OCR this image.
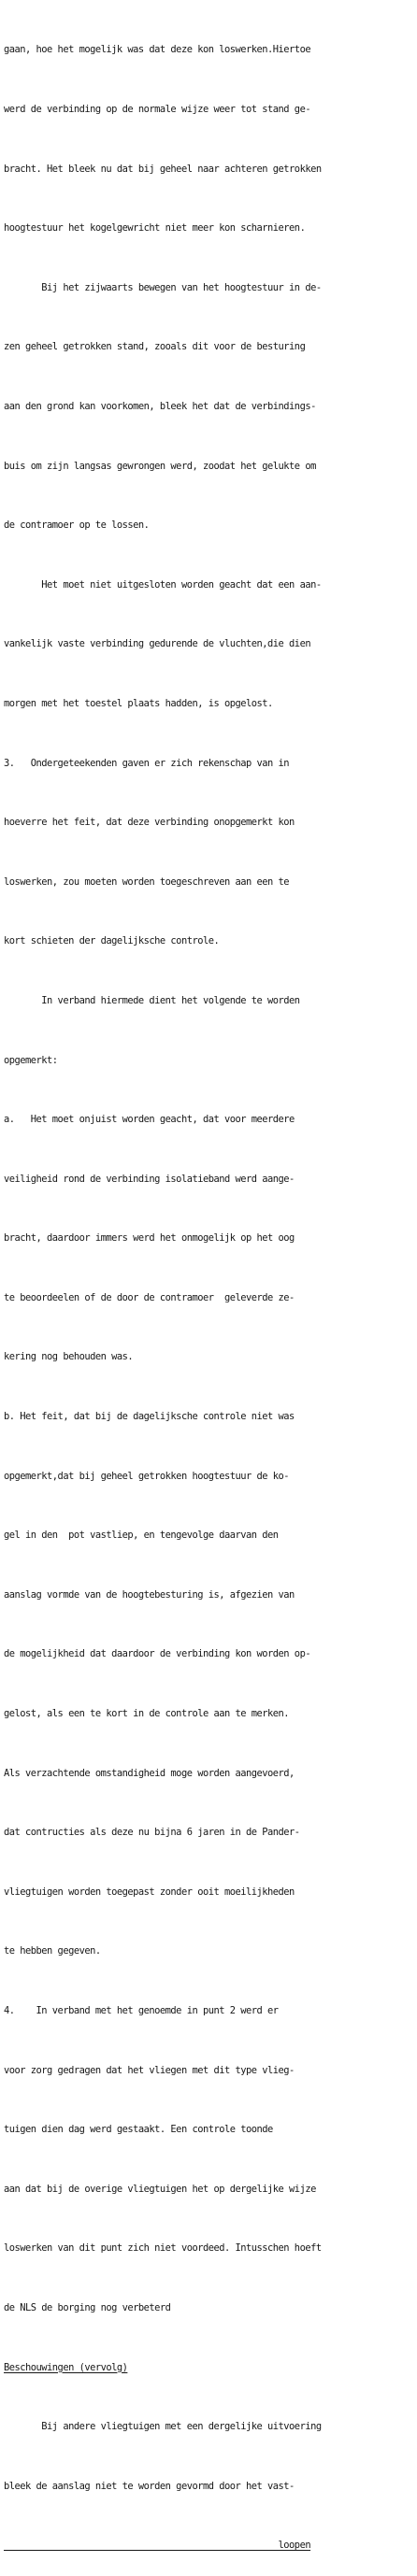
gaan, hoe het mogelijk was dat deze kon loswerken.Hiertoe

werd de verbinding op de normale wijze weer tot stand ge-

bracht. Het bleek nu dat bij geheel naar achteren getrokken

hoogtestuur het kogelgewricht niet meer kon scharnieren.

Bij het zijwaarts bewegen van het hoogtestuur in de-

zen geheel getrokken stand, zooals dit voor de besturing

aan den grond kan voorkomen, bleek het dat de verbindings-

buis om zijn langsas gewrongen werd, zoodat het gelukte om

de contramoer op te lossen.

Het moet niet uitgesloten worden geacht dat een aan-

vankelijk vaste verbinding gedurende de vluchten,die dien

morgen met het toestel plaats hadden, is opgelost.

3.   Ondergeteekenden gaven er zich rekenschap van in

hoeverre het feit, dat deze verbinding onopgemerkt kon

loswerken, zou moeten worden toegeschreven aan een te

kort schieten der dagelijksche controle.

In verband hiermede dient het volgende te worden

opgemerkt:

a.   Het moet onjuist worden geacht, dat voor meerdere

veiligheid rond de verbinding isolatieband werd aange-

bracht, daardoor immers werd het onmogelijk op het oog

te beoordeelen of de door de contramoer  geleverde ze-

kering nog behouden was.

b. Het feit, dat bij de dagelijksche controle niet was

opgemerkt,dat bij geheel getrokken hoogtestuur de ko-

gel in den  pot vastliep, en tengevolge daarvan den

aanslag vormde van de hoogtebesturing is, afgezien van

de mogelijkheid dat daardoor de verbinding kon worden op-

gelost, als een te kort in de controle aan te merken.

Als verzachtende omstandigheid moge worden aangevoerd,

dat contructies als deze nu bijna 6 jaren in de Pander-

vliegtuigen worden toegepast zonder ooit moeilijkheden

te hebben gegeven.

4.    In verband met het genoemde in punt 2 werd er

voor zorg gedragen dat het vliegen met dit type vlieg-

tuigen dien dag werd gestaakt. Een controle toonde

aan dat bij de overige vliegtuigen het op dergelijke wijze

loswerken van dit punt zich niet voordeed. Intusschen hoeft

de NLS de borging nog verbeterd

Beschouwingen (vervolg)

Bij andere vliegtuigen met een dergelijke uitvoering

bleek de aanslag niet te worden gevormd door het vast-

loopen
